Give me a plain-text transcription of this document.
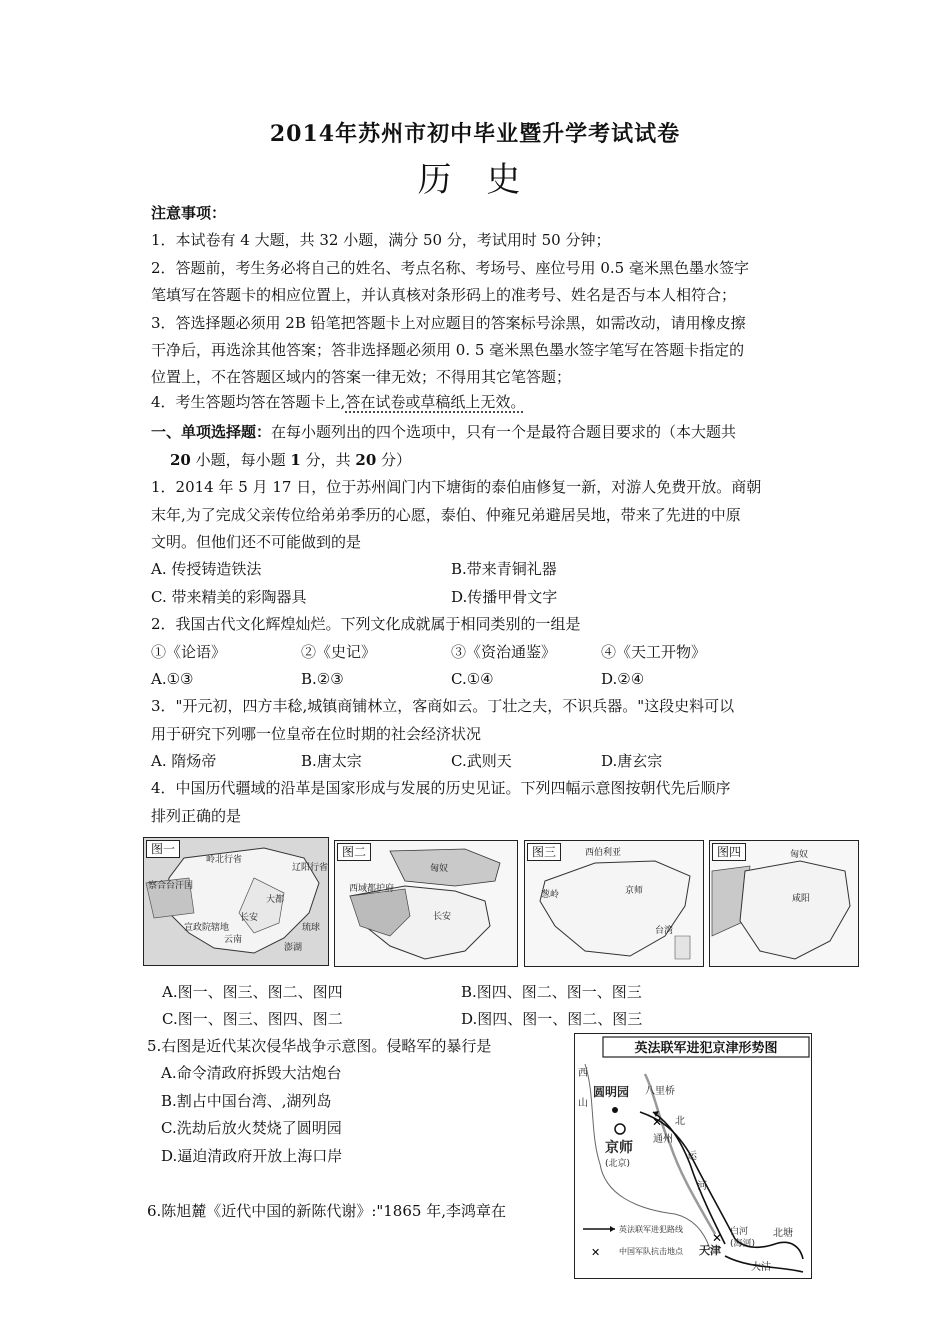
2014年苏州市初中毕业暨升学考试试卷
历 史
注意事项：
1．本试卷有 4 大题，共 32 小题，满分 50 分，考试用时 50 分钟；
2．答题前，考生务必将自己的姓名、考点名称、考场号、座位号用 0.5 毫米黑色墨水签字
笔填写在答题卡的相应位置上，并认真核对条形码上的准考号、姓名是否与本人相符合；
3．答选择题必须用 2B 铅笔把答题卡上对应题目的答案标号涂黑，如需改动，请用橡皮擦
干净后，再选涂其他答案；答非选择题必须用 0. 5 毫米黑色墨水签字笔写在答题卡指定的
位置上，不在答题区域内的答案一律无效；不得用其它笔答题；
4．考生答题均答在答题卡上,答在试卷或草稿纸上无效。
一、单项选择题：在每小题列出的四个选项中，只有一个是最符合题目要求的（本大题共
20 小题，每小题 1 分，共 20 分）
1．2014 年 5 月 17 日，位于苏州阊门内下塘街的泰伯庙修复一新，对游人免费开放。商朝
末年,为了完成父亲传位给弟弟季历的心愿，泰伯、仲雍兄弟避居吴地，带来了先进的中原
文明。但他们还不可能做到的是
A. 传授铸造铁法	B.带来青铜礼器
C. 带来精美的彩陶器具	D.传播甲骨文字
2．我国古代文化辉煌灿烂。下列文化成就属于相同类别的一组是
①《论语》	②《史记》	③《资治通鉴》	④《天工开物》
A.①③	B.②③	C.①④	D.②④
3．"开元初，四方丰稔,城镇商铺林立，客商如云。丁壮之夫，不识兵器。"这段史料可以
用于研究下列哪一位皇帝在位时期的社会经济状况
A. 隋炀帝	B.唐太宗	C.武则天	D.唐玄宗
4．中国历代疆域的沿革是国家形成与发展的历史见证。下列四幅示意图按朝代先后顺序
排列正确的是
岭北行省
辽阳行省
察合台汗国
宣政院辖地
大都
长安
云南
琉球
澎湖
图一
匈奴
西域都护府
长安
图二	西伯利亚
葱岭	京师
台湾
图三	匈奴
咸阳
图四
A.图一、图三、图二、图四	B.图四、图二、图一、图三
C.图一、图三、图四、图二	D.图四、图一、图二、图三
5.右图是近代某次侵华战争示意图。侵略军的暴行是
A.命令清政府拆毁大沽炮台
B.割占中国台湾、,湖列岛
C.洗劫后放火焚烧了圆明园
D.逼迫清政府开放上海口岸
英法联军进犯京津形势图
✕
✕
西
山
圆明园 八里桥
通州
京师
(北京)
北
运
河
白河
(海河)
天津
北塘
大沽
英法联军进犯路线
✕ 中国军队抗击地点
6.陈旭麓《近代中国的新陈代谢》:"1865 年,李鸿章在
